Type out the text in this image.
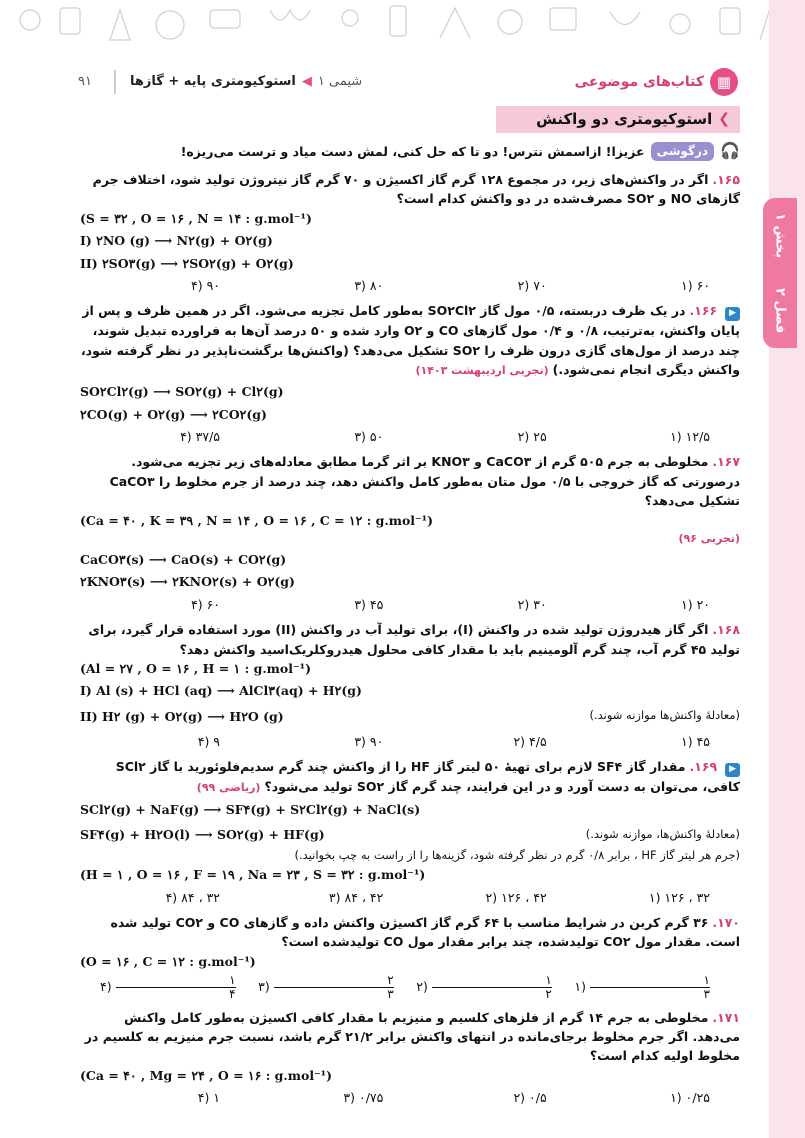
بخش ۱
فصل ۲
▦
کتاب‌های موضوعی
شیمی ۱
◀
استوکیومتری پایه + گازها
۹۱
❯
استوکیومتری دو واکنش
🎧
درگوشی
عزیزا! ازاسمش نترس! دو تا که حل کنی، لمش دست میاد و ترست می‌ریزه!
۱۶۵. اگر در واکنش‌های زیر، در مجموع ۱۲۸ گرم گاز اکسیژن و ۷۰ گرم گاز نیتروژن تولید شود، اختلاف جرم گازهای NO و SO۲ مصرف‌شده در دو واکنش کدام است؟
(S = ۳۲ , O = ۱۶ , N = ۱۴ : g.mol⁻¹)
I) ۲NO (g) ⟶ N۲(g) + O۲(g)
II) ۲SO۳(g) ⟶ ۲SO۲(g) + O۲(g)
۶۰ (۱
۷۰ (۲
۸۰ (۳
۹۰ (۴
▶ ۱۶۶. در یک ظرف دربسته، ۰/۵ مول گاز SO۲Cl۲ به‌طور کامل تجزیه می‌شود. اگر در همین ظرف و پس از پایان واکنش، به‌ترتیب، ۰/۸ و ۰/۴ مول گازهای CO و O۲ وارد شده و ۵۰ درصد آن‌ها به فراورده تبدیل شوند، چند درصد از مول‌های گازی درون ظرف را SO۲ تشکیل می‌دهد؟ (واکنش‌ها برگشت‌ناپذیر در نظر گرفته شود، واکنش دیگری انجام نمی‌شود.) (تجربی اردیبهشت ۱۴۰۳)
SO۲Cl۲(g) ⟶ SO۲(g) + Cl۲(g)
۲CO(g) + O۲(g) ⟶ ۲CO۲(g)
۱۲/۵ (۱
۲۵ (۲
۵۰ (۳
۳۷/۵ (۴
۱۶۷. مخلوطی به جرم ۵۰۵ گرم از CaCO۳ و KNO۳ بر اثر گرما مطابق معادله‌های زیر تجزیه می‌شود. درصورتی که گاز خروجی با ۰/۵ مول متان به‌طور کامل واکنش دهد، چند درصد از جرم مخلوط را CaCO۳ تشکیل می‌دهد؟
(Ca = ۴۰ , K = ۳۹ , N = ۱۴ , O = ۱۶ , C = ۱۲ : g.mol⁻¹)
(تجربی ۹۶)
CaCO۳(s) ⟶ CaO(s) + CO۲(g)
۲KNO۳(s) ⟶ ۲KNO۲(s) + O۲(g)
۲۰ (۱
۳۰ (۲
۴۵ (۳
۶۰ (۴
۱۶۸. اگر گاز هیدروژن تولید شده در واکنش (I)، برای تولید آب در واکنش (II) مورد استفاده قرار گیرد، برای تولید ۴۵ گرم آب، چند گرم آلومینیم باید با مقدار کافی محلول هیدروکلریک‌اسید واکنش دهد؟
(Al = ۲۷ , O = ۱۶ , H = ۱ : g.mol⁻¹)
I) Al (s) + HCl (aq) ⟶ AlCl۳(aq) + H۲(g)
II) H۲ (g) + O۲(g) ⟶ H۲O (g)	(معادلهٔ واکنش‌ها موازنه شوند.)
۴۵ (۱
۴/۵ (۲
۹۰ (۳
۹ (۴
▶ ۱۶۹. مقدار گاز SF۴ لازم برای تهیهٔ ۵۰ لیتر گاز HF را از واکنش چند گرم سدیم‌فلوئورید با گاز SCl۲ کافی، می‌توان به دست آورد و در این فرایند، چند گرم گاز SO۲ تولید می‌شود؟ (ریاضی ۹۹)
SCl۲(g) + NaF(g) ⟶ SF۴(g) + S۲Cl۲(g) + NaCl(s)
SF۴(g) + H۲O(l) ⟶ SO۲(g) + HF(g)	(معادلهٔ واکنش‌ها، موازنه شوند.)
(جرم هر لیتر گاز HF ، برابر ۰/۸ گرم در نظر گرفته شود، گزینه‌ها را از راست به چپ بخوانید.)
(H = ۱ , O = ۱۶ , F = ۱۹ , Na = ۲۳ , S = ۳۲ : g.mol⁻¹)
۳۲ ، ۱۲۶ (۱
۴۲ ، ۱۲۶ (۲
۴۲ ، ۸۴ (۳
۳۲ ، ۸۴ (۴
۱۷۰. ۳۶ گرم کربن در شرایط مناسب با ۶۴ گرم گاز اکسیژن واکنش داده و گازهای CO و CO۲ تولید شده است. مقدار مول CO۲ تولیدشده، چند برابر مقدار مول CO تولیدشده است؟
(O = ۱۶ , C = ۱۲ : g.mol⁻¹)
$\frac{۱}{۳}$
(۱
$\frac{۱}{۲}$
(۲
$\frac{۲}{۳}$
(۳
$\frac{۱}{۴}$
(۴
۱۷۱. مخلوطی به جرم ۱۴ گرم از فلزهای کلسیم و منیزیم با مقدار کافی اکسیژن به‌طور کامل واکنش می‌دهد. اگر جرم مخلوط برجای‌مانده در انتهای واکنش برابر ۲۱/۲ گرم باشد، نسبت جرم منیزیم به کلسیم در مخلوط اولیه کدام است؟
(Ca = ۴۰ , Mg = ۲۴ , O = ۱۶ : g.mol⁻¹)
۰/۲۵ (۱
۰/۵ (۲
۰/۷۵ (۳
۱ (۴
